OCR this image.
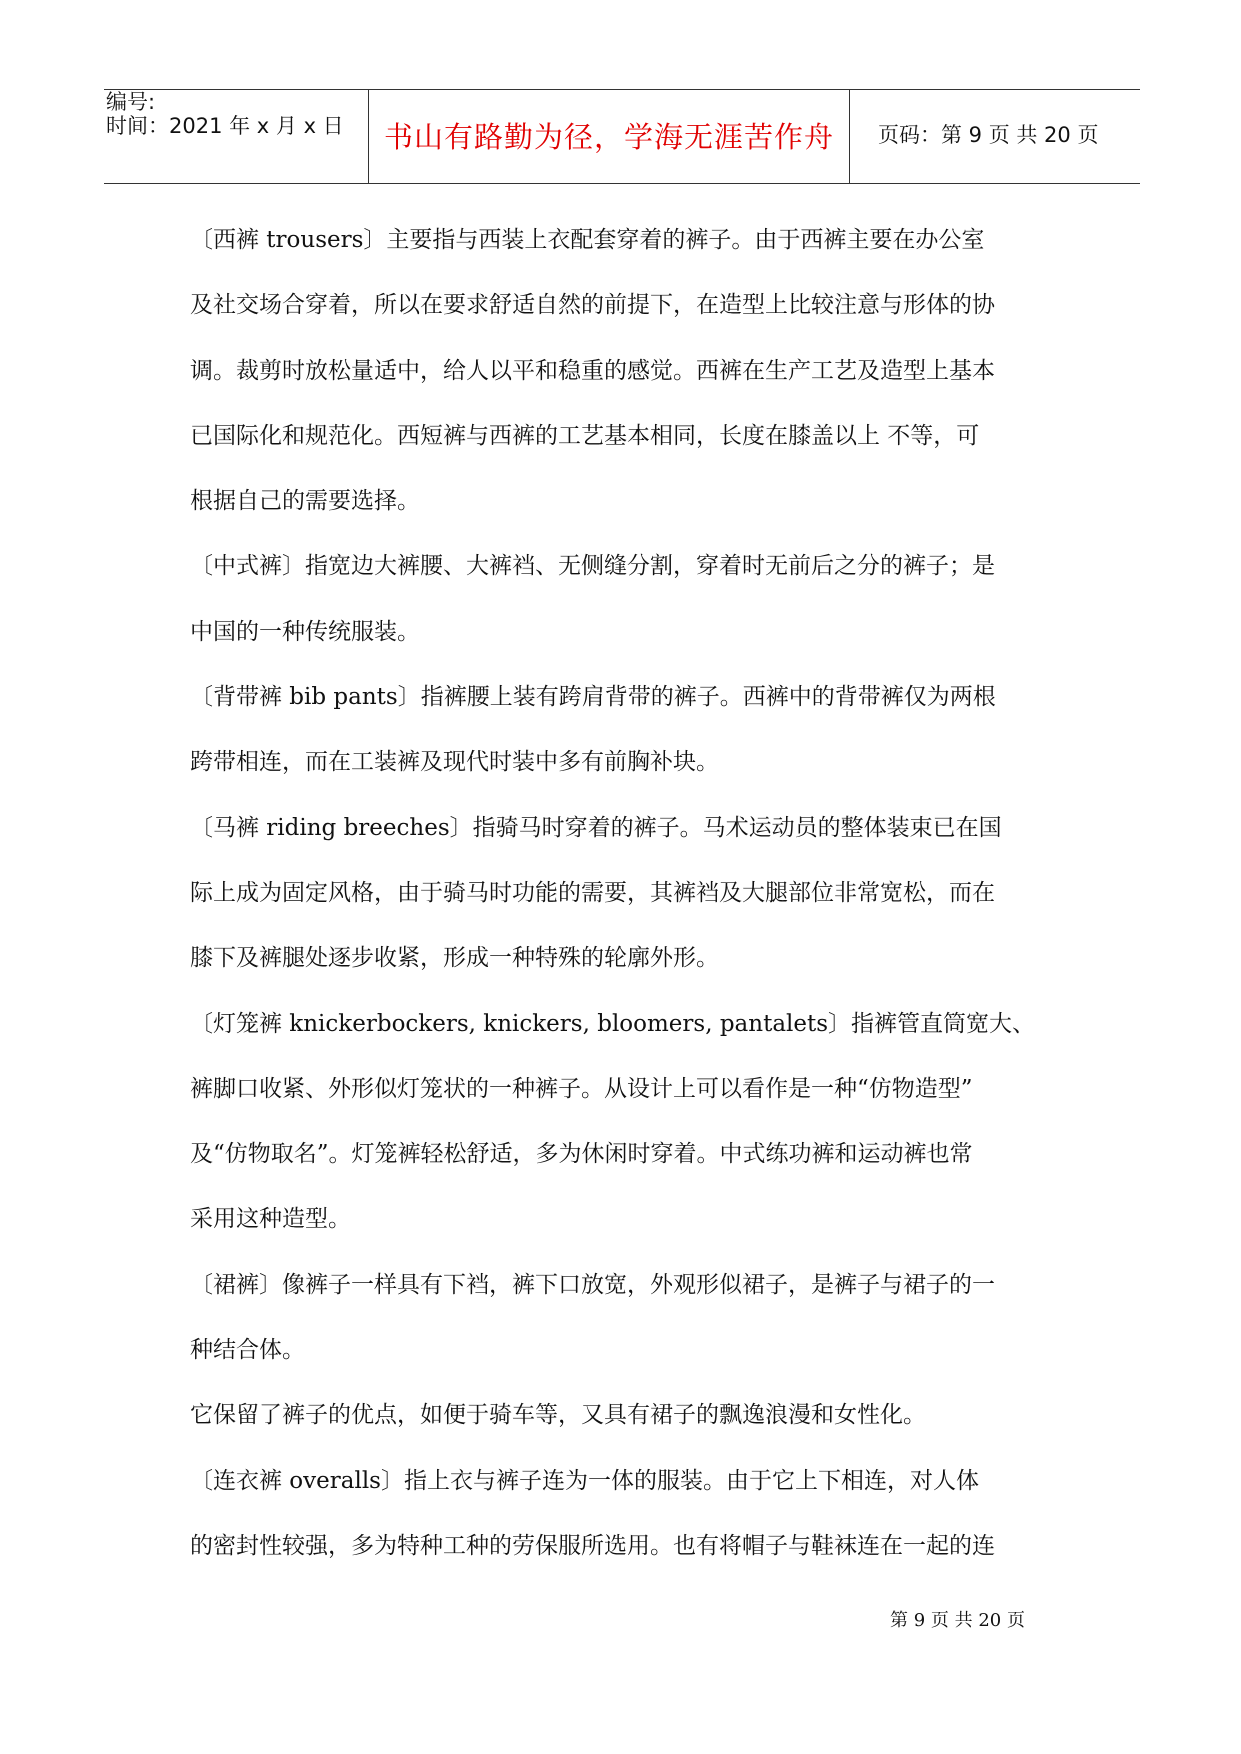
编号:
时间：2021 年 x 月 x 日	书山有路勤为径，学海无涯苦作舟	页码：第 9 页 共 20 页
〔西裤 trousers〕主要指与西装上衣配套穿着的裤子。由于西裤主要在办公室
及社交场合穿着，所以在要求舒适自然的前提下，在造型上比较注意与形体的协
调。裁剪时放松量适中，给人以平和稳重的感觉。西裤在生产工艺及造型上基本
已国际化和规范化。西短裤与西裤的工艺基本相同，长度在膝盖以上 不等，可
根据自己的需要选择。
〔中式裤〕指宽边大裤腰、大裤裆、无侧缝分割，穿着时无前后之分的裤子；是
中国的一种传统服装。
〔背带裤 bib pants〕指裤腰上装有跨肩背带的裤子。西裤中的背带裤仅为两根
跨带相连，而在工装裤及现代时装中多有前胸补块。
〔马裤 riding breeches〕指骑马时穿着的裤子。马术运动员的整体装束已在国
际上成为固定风格，由于骑马时功能的需要，其裤裆及大腿部位非常宽松，而在
膝下及裤腿处逐步收紧，形成一种特殊的轮廓外形。
〔灯笼裤 knickerbockers, knickers, bloomers, pantalets〕指裤管直筒宽大、
裤脚口收紧、外形似灯笼状的一种裤子。从设计上可以看作是一种“仿物造型”
及“仿物取名”。灯笼裤轻松舒适，多为休闲时穿着。中式练功裤和运动裤也常
采用这种造型。
〔裙裤〕像裤子一样具有下裆，裤下口放宽，外观形似裙子，是裤子与裙子的一
种结合体。
它保留了裤子的优点，如便于骑车等，又具有裙子的飘逸浪漫和女性化。
〔连衣裤 overalls〕指上衣与裤子连为一体的服装。由于它上下相连，对人体
的密封性较强，多为特种工种的劳保服所选用。也有将帽子与鞋袜连在一起的连
第 9 页 共 20 页
